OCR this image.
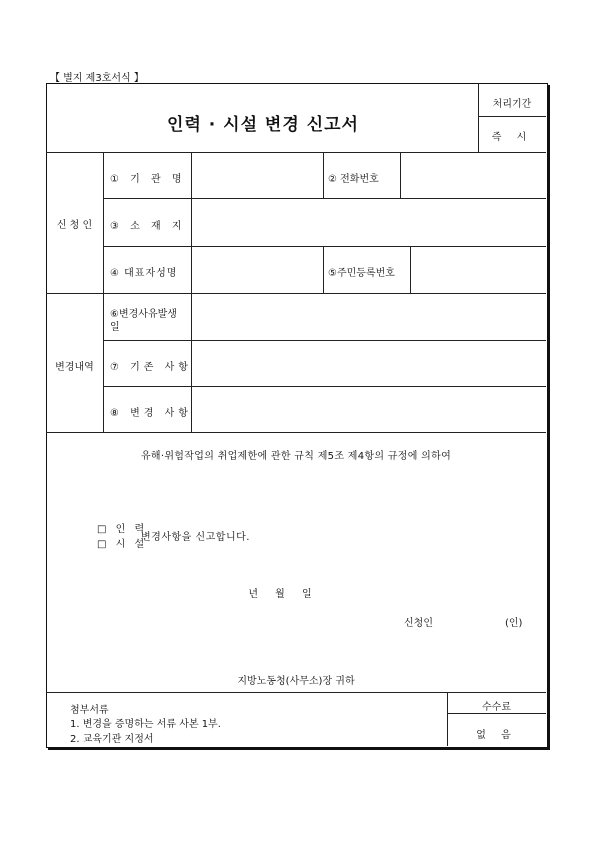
【 별지 제3호서식 】
인력 · 시설 변경 신고서
처리기간
즉 시
신 청 인
① 기 관 명	② 전화번호
③ 소 재 지
④ 대표자성명	⑤주민등록번호
변경내역
⑥변경사유발생
일
⑦ 기존 사항
⑧ 변경 사항
유해·위험작업의 취업제한에 관한 규칙 제5조 제4항의 규정에 의하여
□ 인 력
□ 시 설
변경사항을 신고합니다.
년 월 일
신청인	(인)
지방노동청(사무소)장 귀하
첨부서류
1. 변경을 증명하는 서류 사본 1부.
2. 교육기관 지정서
수수료
없 음
